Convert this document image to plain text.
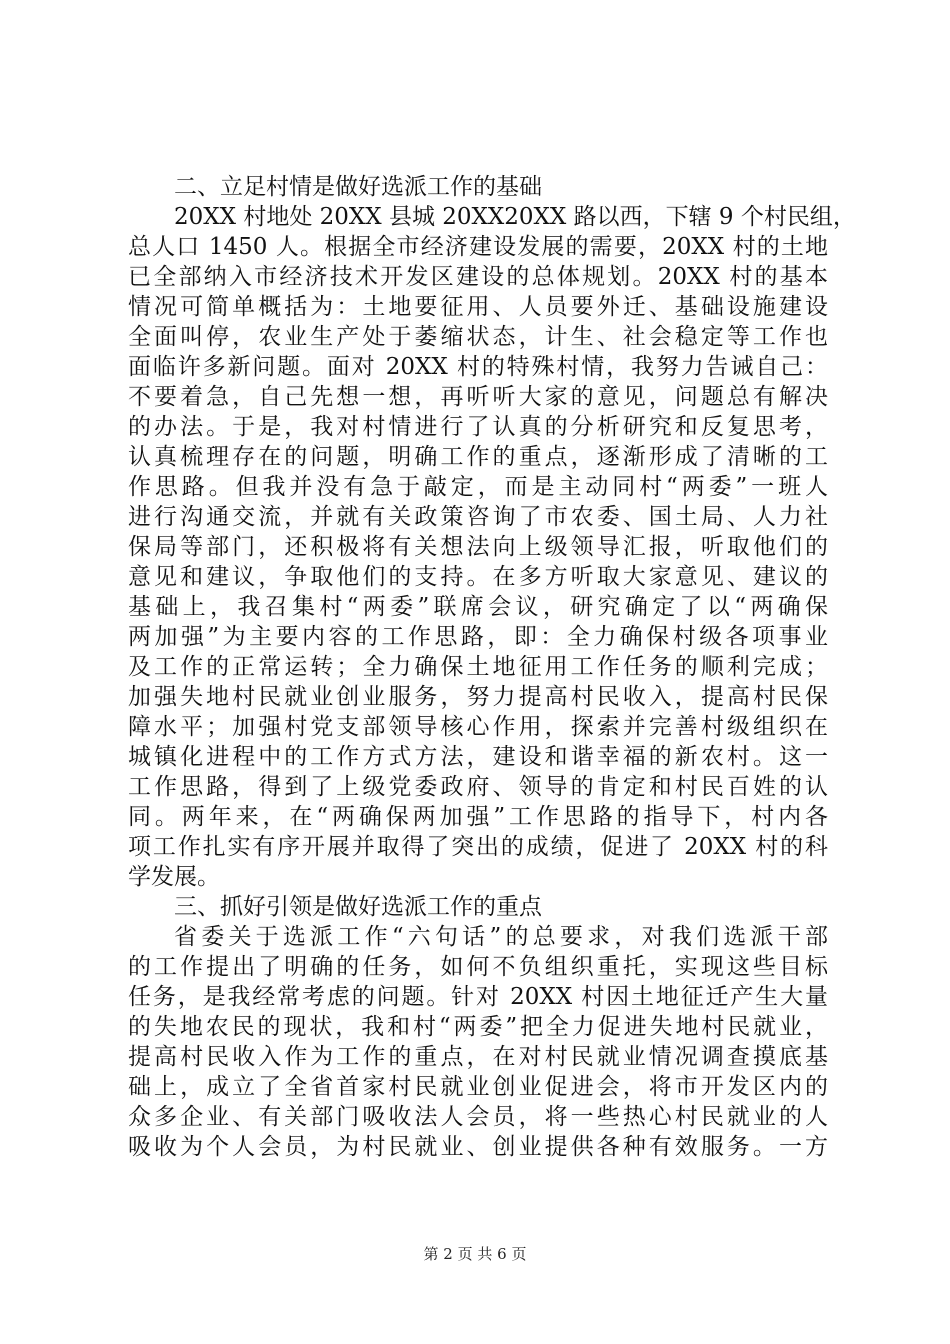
二、立足村情是做好选派工作的基础
20XX 村地处 20XX 县城 20XX20XX 路以西，下辖 9 个村民组，
总人口 1450 人。根据全市经济建设发展的需要，20XX 村的土地
已全部纳入市经济技术开发区建设的总体规划。20XX 村的基本
情况可简单概括为：土地要征用、人员要外迁、基础设施建设
全面叫停，农业生产处于萎缩状态，计生、社会稳定等工作也
面临许多新问题。面对 20XX 村的特殊村情，我努力告诫自己：
不要着急，自己先想一想，再听听大家的意见，问题总有解决
的办法。于是，我对村情进行了认真的分析研究和反复思考，
认真梳理存在的问题，明确工作的重点，逐渐形成了清晰的工
作思路。但我并没有急于敲定，而是主动同村“两委”一班人
进行沟通交流，并就有关政策咨询了市农委、国土局、人力社
保局等部门，还积极将有关想法向上级领导汇报，听取他们的
意见和建议，争取他们的支持。在多方听取大家意见、建议的
基础上，我召集村“两委”联席会议，研究确定了以“两确保
两加强”为主要内容的工作思路，即：全力确保村级各项事业
及工作的正常运转；全力确保土地征用工作任务的顺利完成；
加强失地村民就业创业服务，努力提高村民收入，提高村民保
障水平；加强村党支部领导核心作用，探索并完善村级组织在
城镇化进程中的工作方式方法，建设和谐幸福的新农村。这一
工作思路，得到了上级党委政府、领导的肯定和村民百姓的认
同。两年来，在“两确保两加强”工作思路的指导下，村内各
项工作扎实有序开展并取得了突出的成绩，促进了 20XX 村的科
学发展。
三、抓好引领是做好选派工作的重点
省委关于选派工作“六句话”的总要求，对我们选派干部
的工作提出了明确的任务，如何不负组织重托，实现这些目标
任务，是我经常考虑的问题。针对 20XX 村因土地征迁产生大量
的失地农民的现状，我和村“两委”把全力促进失地村民就业，
提高村民收入作为工作的重点，在对村民就业情况调查摸底基
础上，成立了全省首家村民就业创业促进会，将市开发区内的
众多企业、有关部门吸收法人会员，将一些热心村民就业的人
吸收为个人会员，为村民就业、创业提供各种有效服务。一方
第 2 页 共 6 页
